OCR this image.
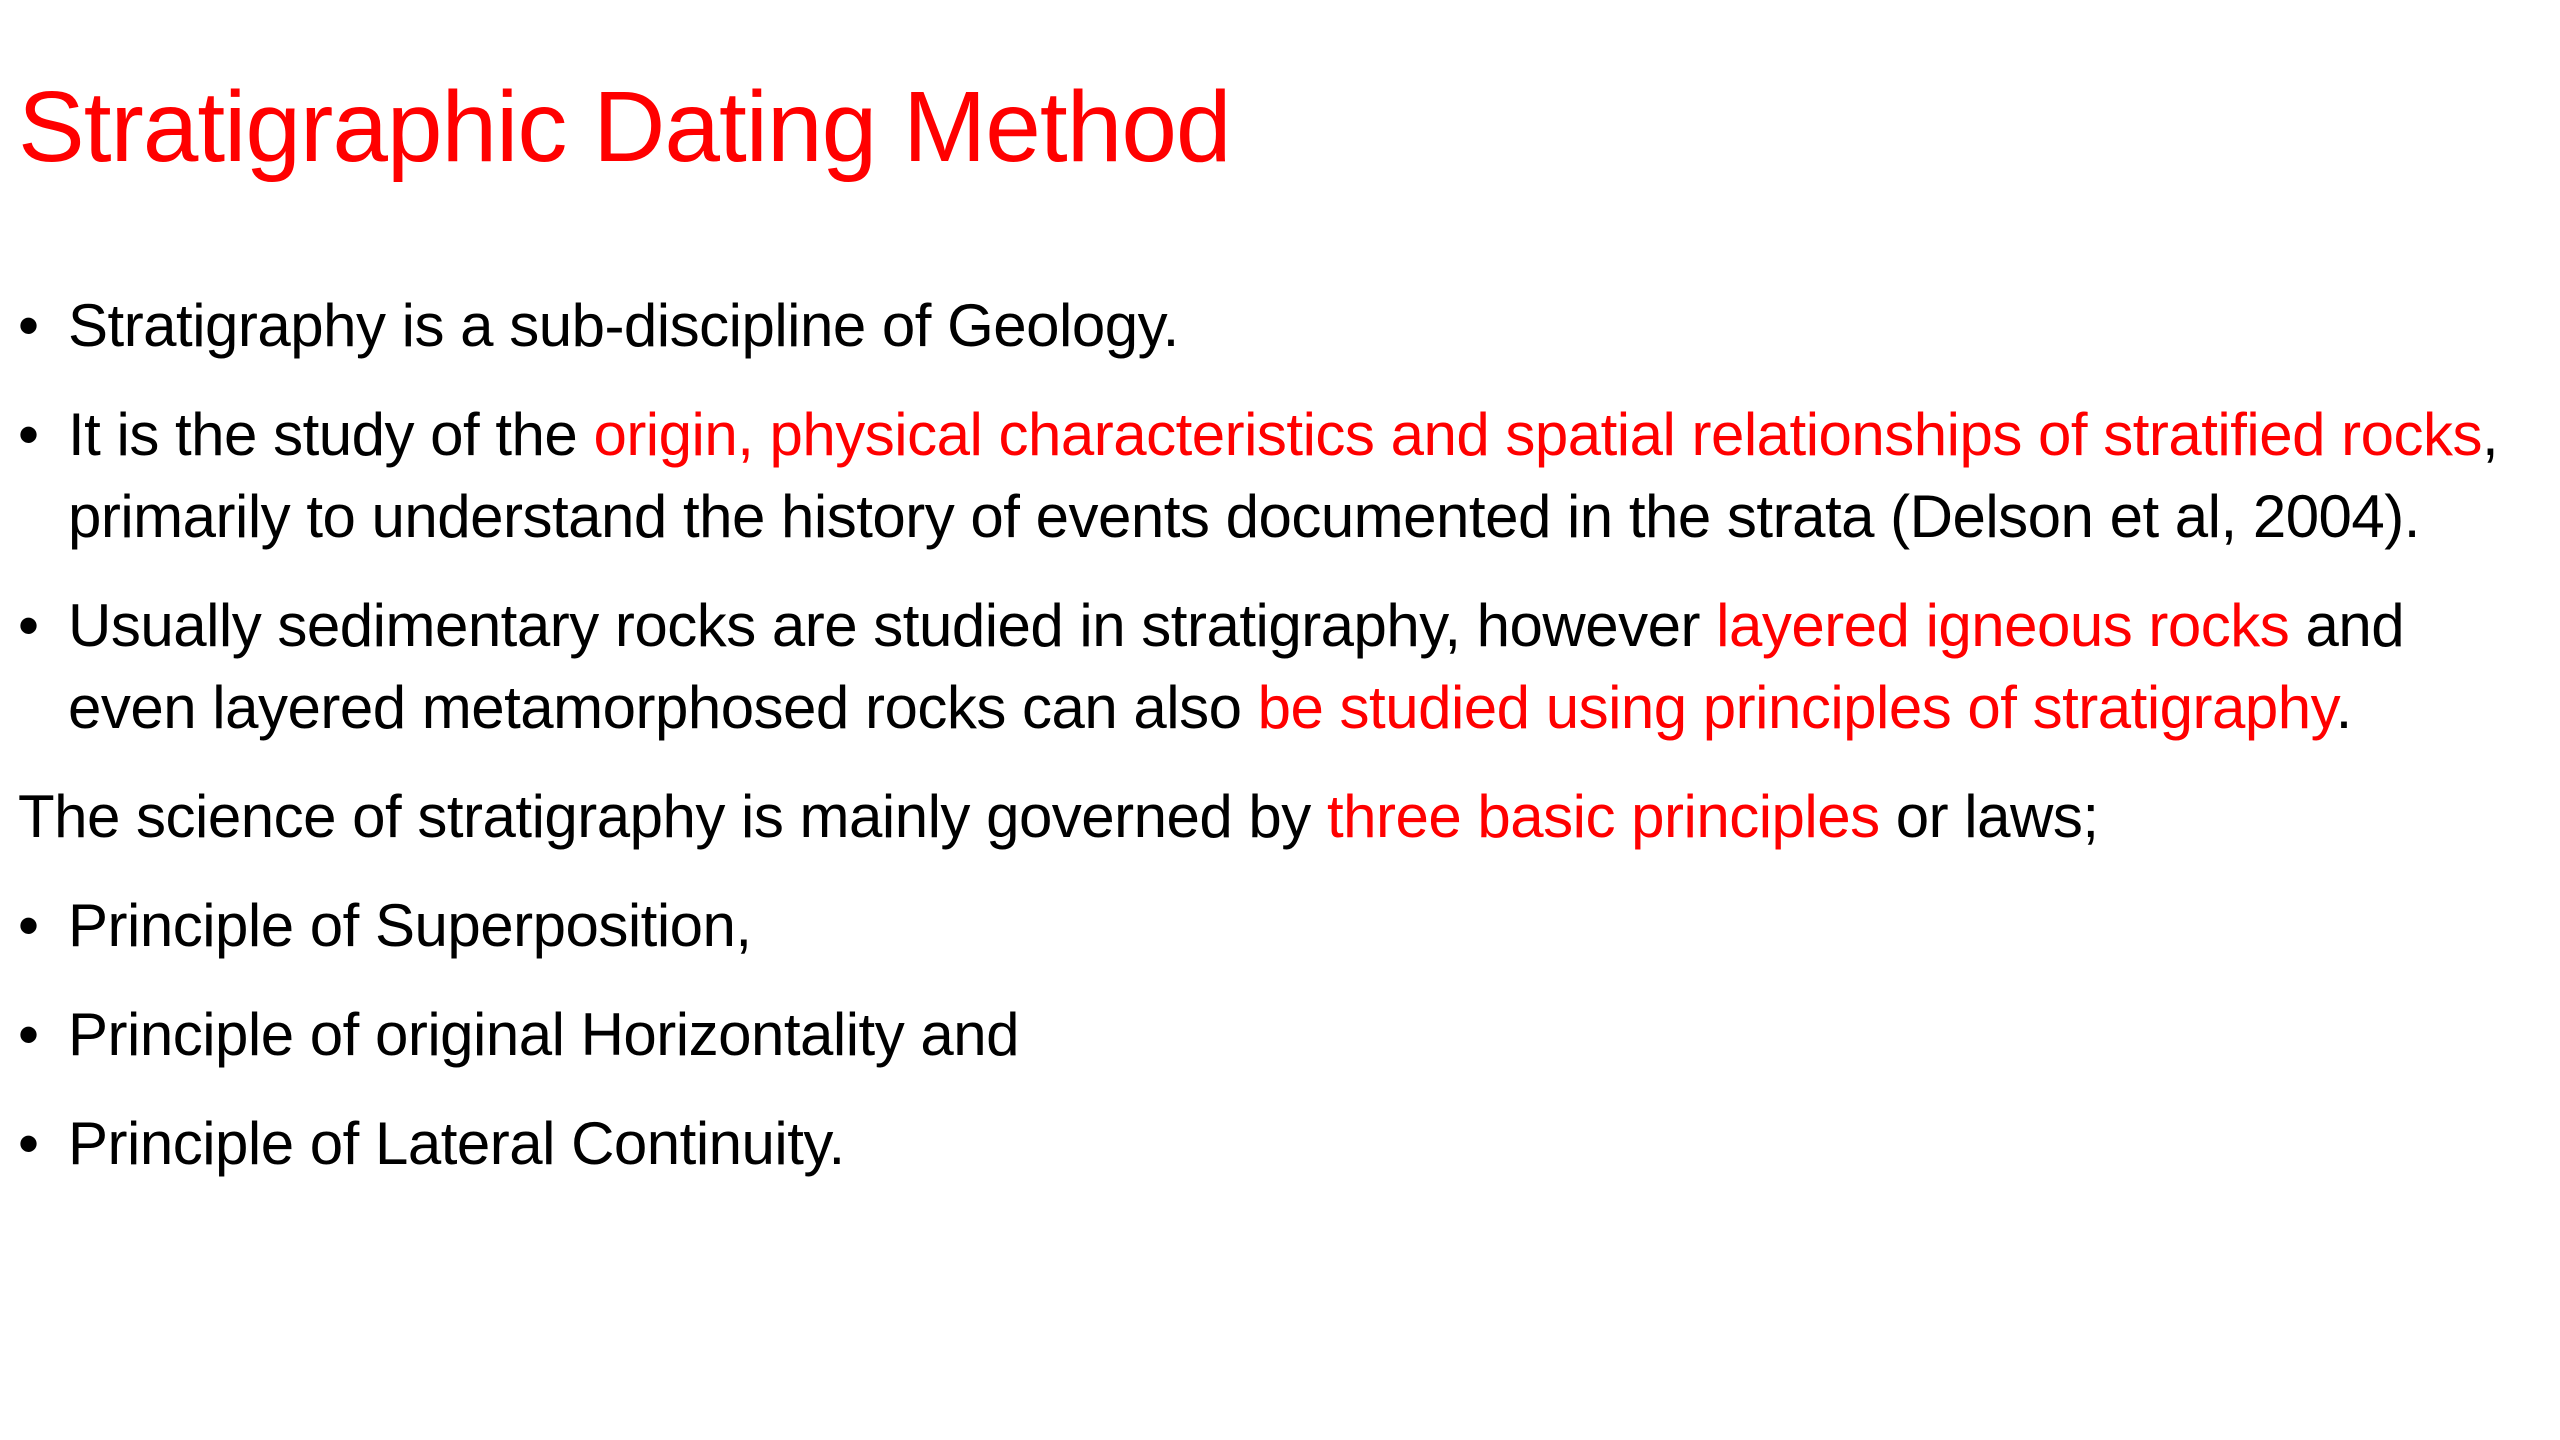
Stratigraphic Dating Method
• Stratigraphy is a sub-discipline of Geology.
• It is the study of the origin, physical characteristics and spatial relationships of stratified rocks, primarily to understand the history of events documented in the strata (Delson et al, 2004).
• Usually sedimentary rocks are studied in stratigraphy, however layered igneous rocks and even layered metamorphosed rocks can also be studied using principles of stratigraphy.
The science of stratigraphy is mainly governed by three basic principles or laws;
• Principle of Superposition,
• Principle of original Horizontality and
• Principle of Lateral Continuity.
